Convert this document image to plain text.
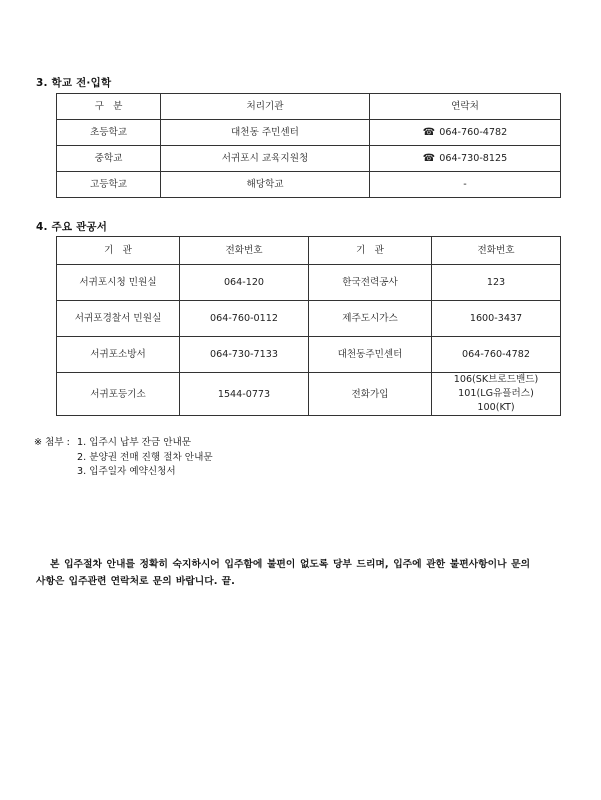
3. 학교 전·입학
구   분	처리기관	연락처
초등학교	대천동 주민센터	☎ 064-760-4782
중학교	서귀포시 교육지원청	☎ 064-730-8125
고등학교	해당학교	-
4. 주요 관공서
기   관	전화번호	기   관	전화번호
서귀포시청 민원실	064-120	한국전력공사	123
서귀포경찰서 민원실	064-760-0112	제주도시가스	1600-3437
서귀포소방서	064-730-7133	대천동주민센터	064-760-4782
서귀포등기소	1544-0773	전화가입	106(SK브로드밴드)
101(LG유플러스)
100(KT)
※ 첨부 : 1. 입주시 납부 잔금 안내문
2. 분양권 전매 진행 절차 안내문
3. 입주일자 예약신청서
본 입주절차 안내를 정확히 숙지하시어 입주함에 불편이 없도록 당부 드리며, 입주에 관한 불편사항이나 문의
사항은 입주관련 연락처로 문의 바랍니다. 끝.
